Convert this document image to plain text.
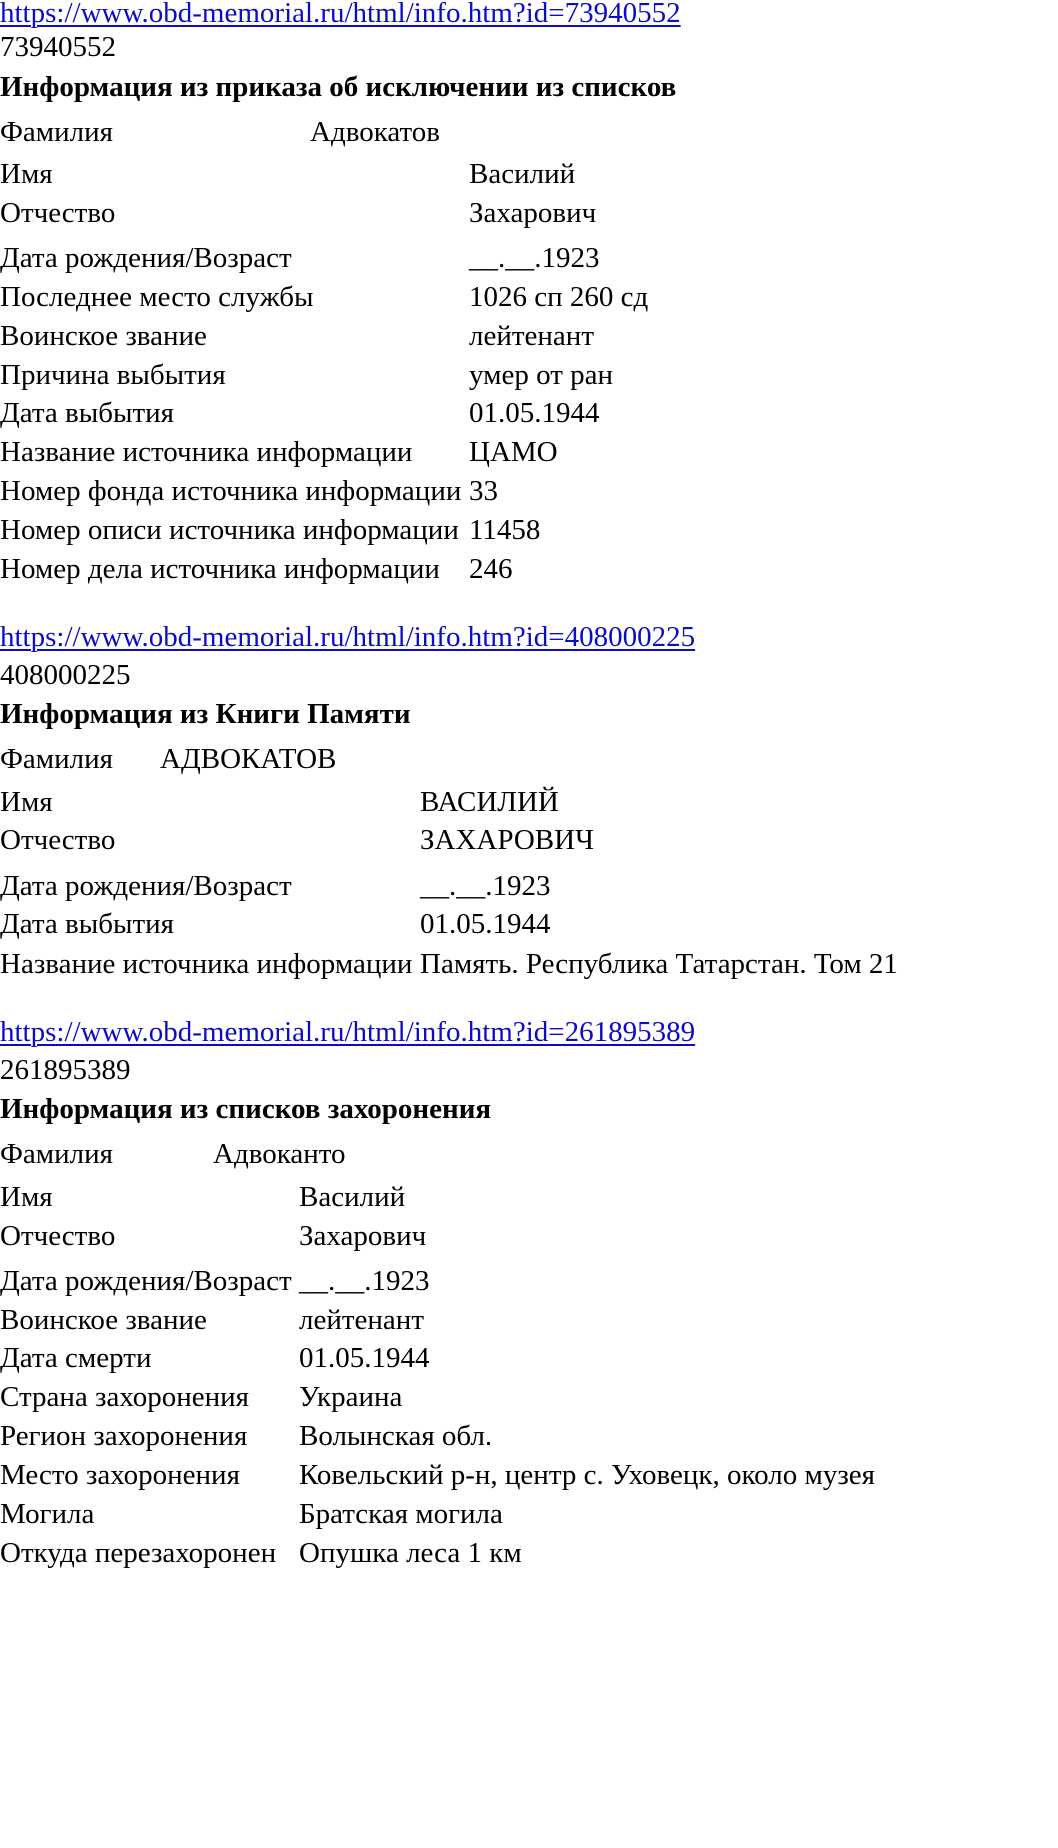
https://www.obd-memorial.ru/html/info.htm?id=73940552
73940552
Информация из приказа об исключении из списков
Фамилия	Адвокатов
Имя	Василий
Отчество	Захарович
Дата рождения/Возраст	__.__.1923
Последнее место службы	1026 сп 260 сд
Воинское звание	лейтенант
Причина выбытия	умер от ран
Дата выбытия	01.05.1944
Название источника информации ЦАМО
Номер фонда источника информации 33
Номер описи источника информации 11458
Номер дела источника информации 246
https://www.obd-memorial.ru/html/info.htm?id=408000225
408000225
Информация из Книги Памяти
Фамилия АДВОКАТОВ
Имя	ВАСИЛИЙ
Отчество	ЗАХАРОВИЧ
Дата рождения/Возраст	__.__.1923
Дата выбытия	01.05.1944
Название источника информации Память. Республика Татарстан. Том 21
https://www.obd-memorial.ru/html/info.htm?id=261895389
261895389
Информация из списков захоронения
Фамилия	Адвоканто
Имя	Василий
Отчество	Захарович
Дата рождения/Возраст __.__.1923
Воинское звание	лейтенант
Дата смерти	01.05.1944
Страна захоронения Украина
Регион захоронения Волынская обл.
Место захоронения Ковельский р-н, центр с. Уховецк, около музея
Могила	Братская могила
Откуда перезахоронен Опушка леса 1 км
